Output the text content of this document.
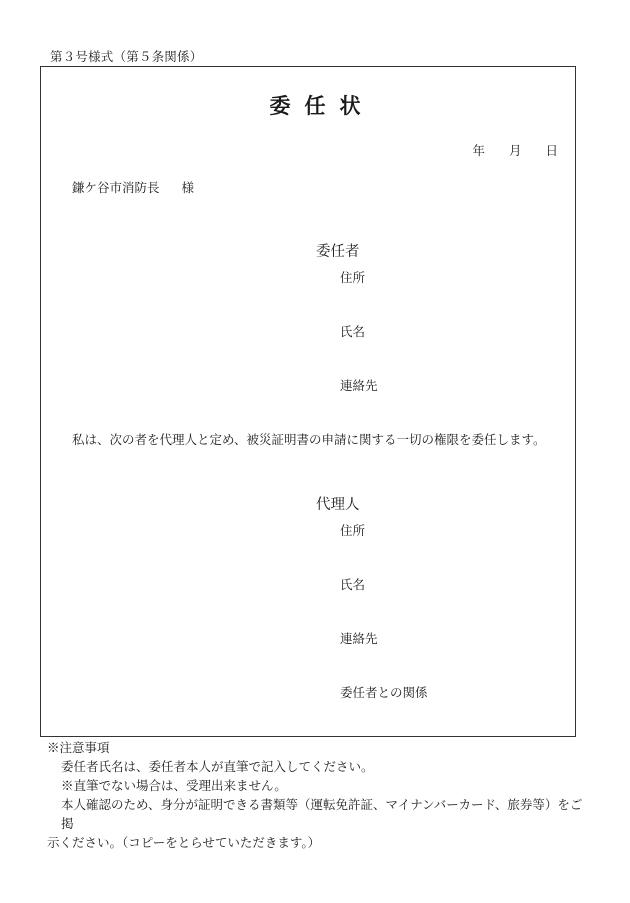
第３号様式（第５条関係）
委任状
年 月 日
鎌ケ谷市消防長 様
委任者
住所
氏名
連絡先
私は、次の者を代理人と定め、被災証明書の申請に関する一切の権限を委任します。
代理人
住所
氏名
連絡先
委任者との関係
※注意事項
委任者氏名は、委任者本人が直筆で記入してください。
※直筆でない場合は、受理出来ません。
本人確認のため、身分が証明できる書類等（運転免許証、マイナンバーカード、旅券等）をご掲
示ください。（コピーをとらせていただきます。）
